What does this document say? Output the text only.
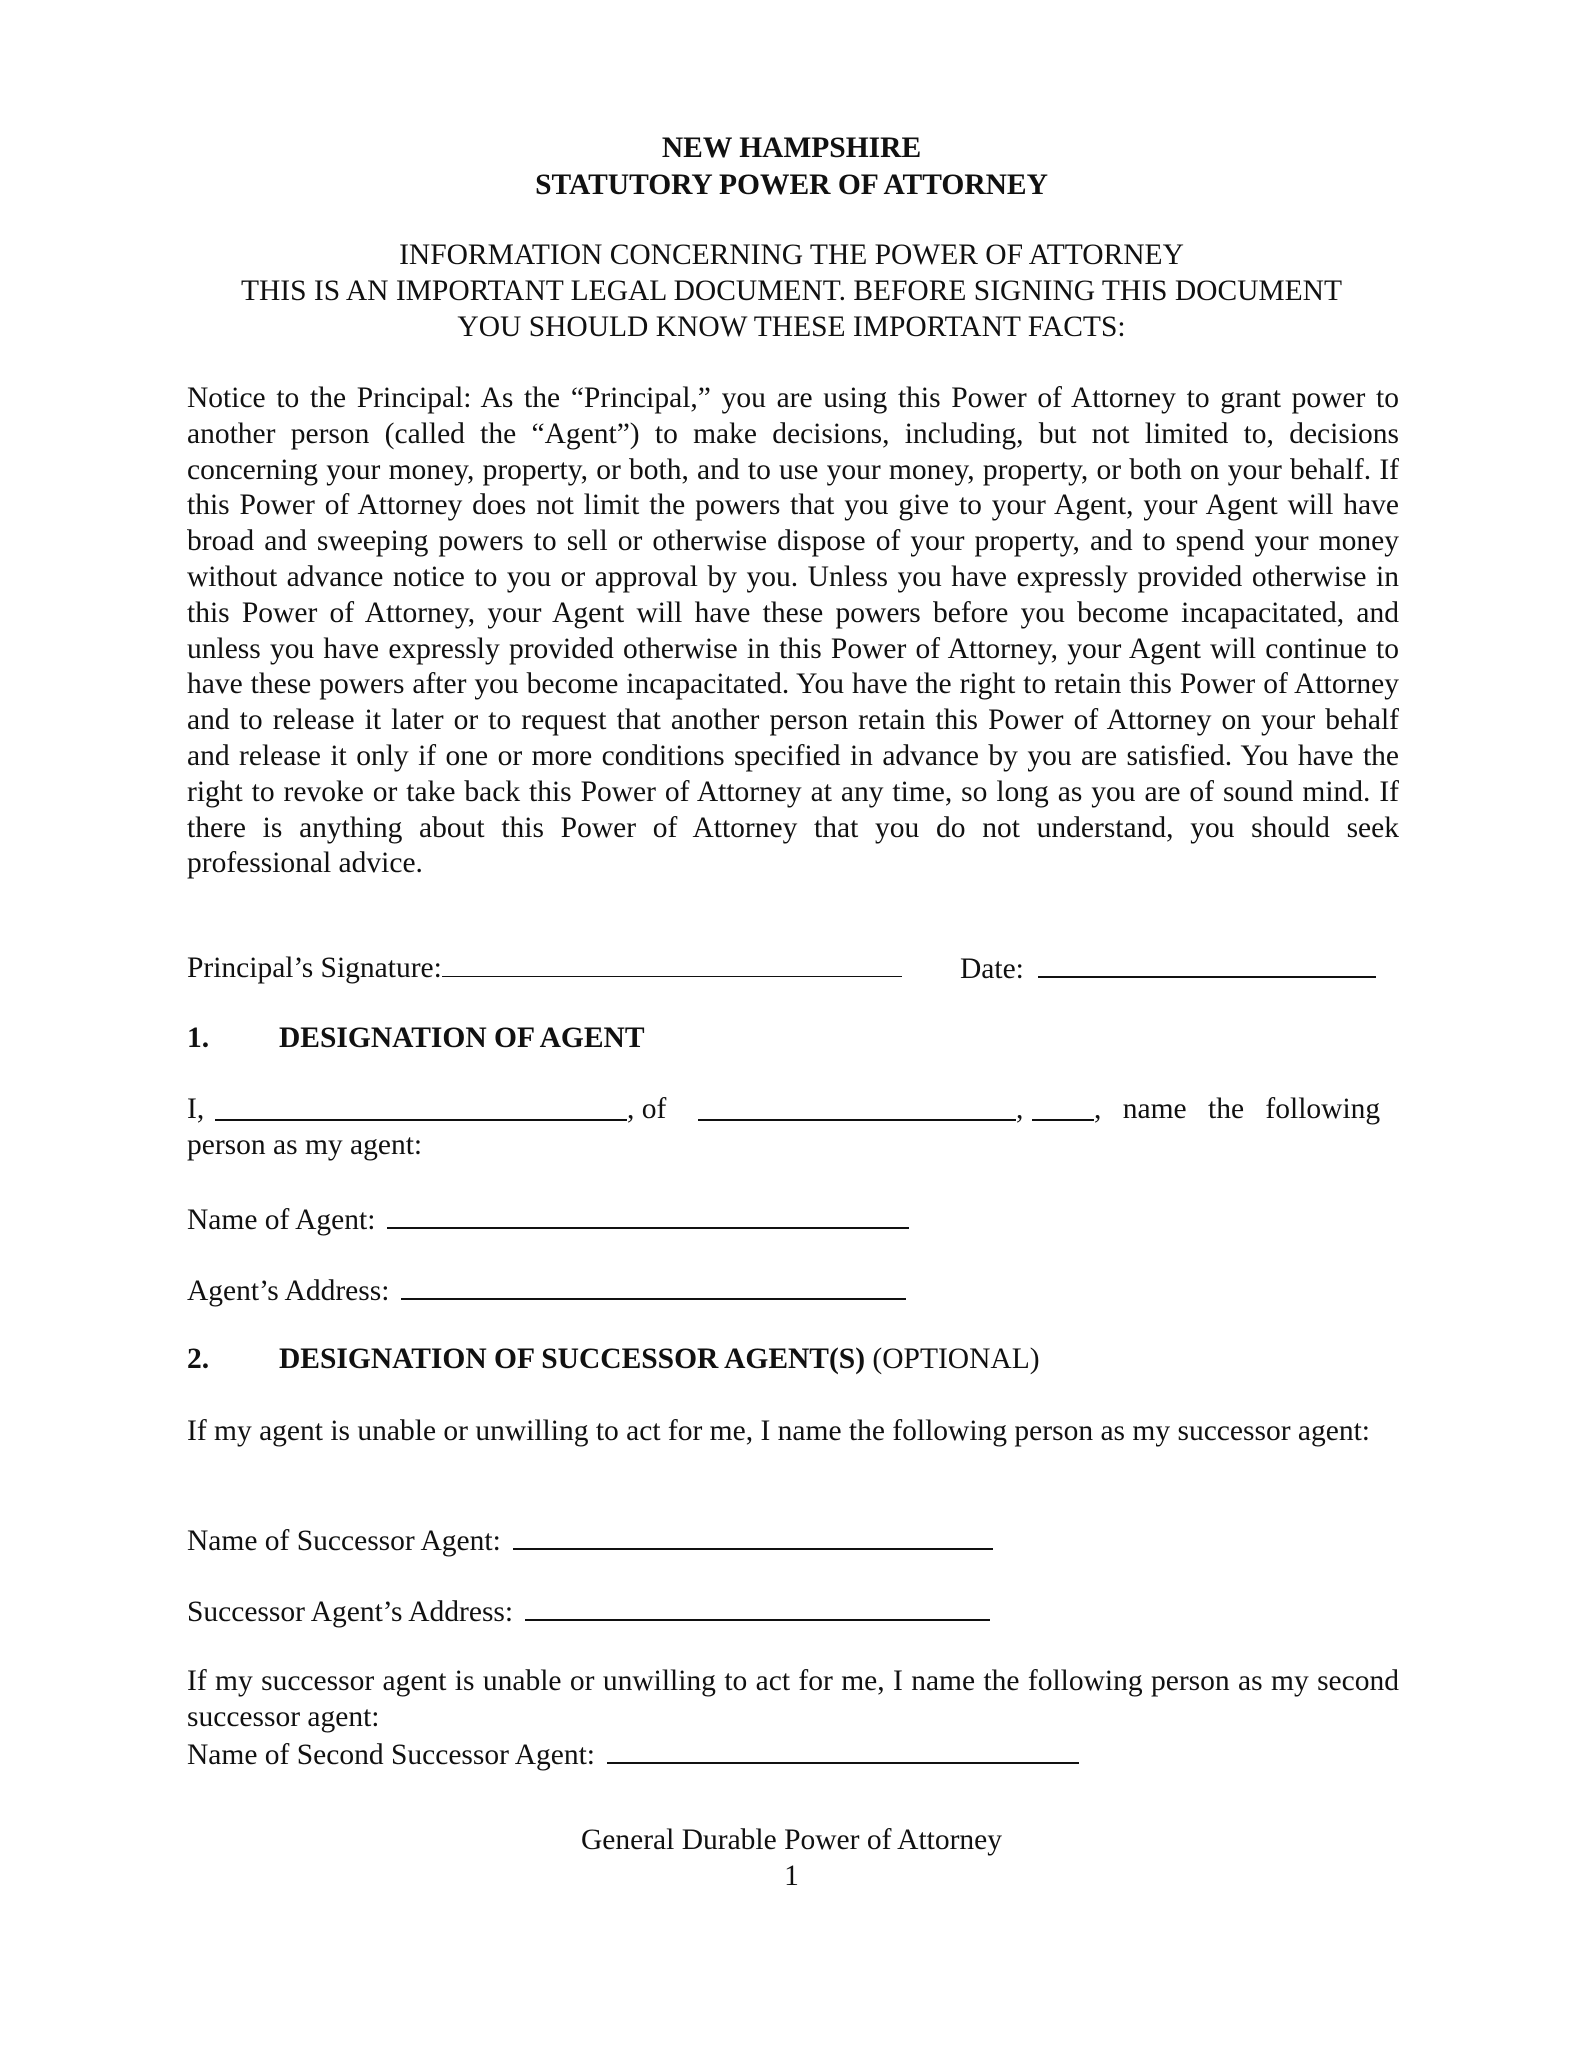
NEW HAMPSHIRE
STATUTORY POWER OF ATTORNEY
INFORMATION CONCERNING THE POWER OF ATTORNEY
THIS IS AN IMPORTANT LEGAL DOCUMENT. BEFORE SIGNING THIS DOCUMENT
YOU SHOULD KNOW THESE IMPORTANT FACTS:
Notice to the Principal: As the “Principal,” you are using this Power of Attorney to grant power to another person (called the “Agent”) to make decisions, including, but not limited to, decisions concerning your money, property, or both, and to use your money, property, or both on your behalf. If this Power of Attorney does not limit the powers that you give to your Agent, your Agent will have broad and sweeping powers to sell or otherwise dispose of your property, and to spend your money without advance notice to you or approval by you. Unless you have expressly provided otherwise in this Power of Attorney, your Agent will have these powers before you become incapacitated, and unless you have expressly provided otherwise in this Power of Attorney, your Agent will continue to have these powers after you become incapacitated. You have the right to retain this Power of Attorney and to release it later or to request that another person retain this Power of Attorney on your behalf and release it only if one or more conditions specified in advance by you are satisfied. You have the right to revoke or take back this Power of Attorney at any time, so long as you are of sound mind. If there is anything about this Power of Attorney that you do not understand, you should seek professional advice.
Principal’s Signature:	Date:
1. DESIGNATION OF AGENT
I,	, of	, , name the following
person as my agent:
Name of Agent:
Agent’s Address:
2. DESIGNATION OF SUCCESSOR AGENT(S) (OPTIONAL)
If my agent is unable or unwilling to act for me, I name the following person as my successor agent:
Name of Successor Agent:
Successor Agent’s Address:
If my successor agent is unable or unwilling to act for me, I name the following person as my second successor agent:
Name of Second Successor Agent:
General Durable Power of Attorney
1
